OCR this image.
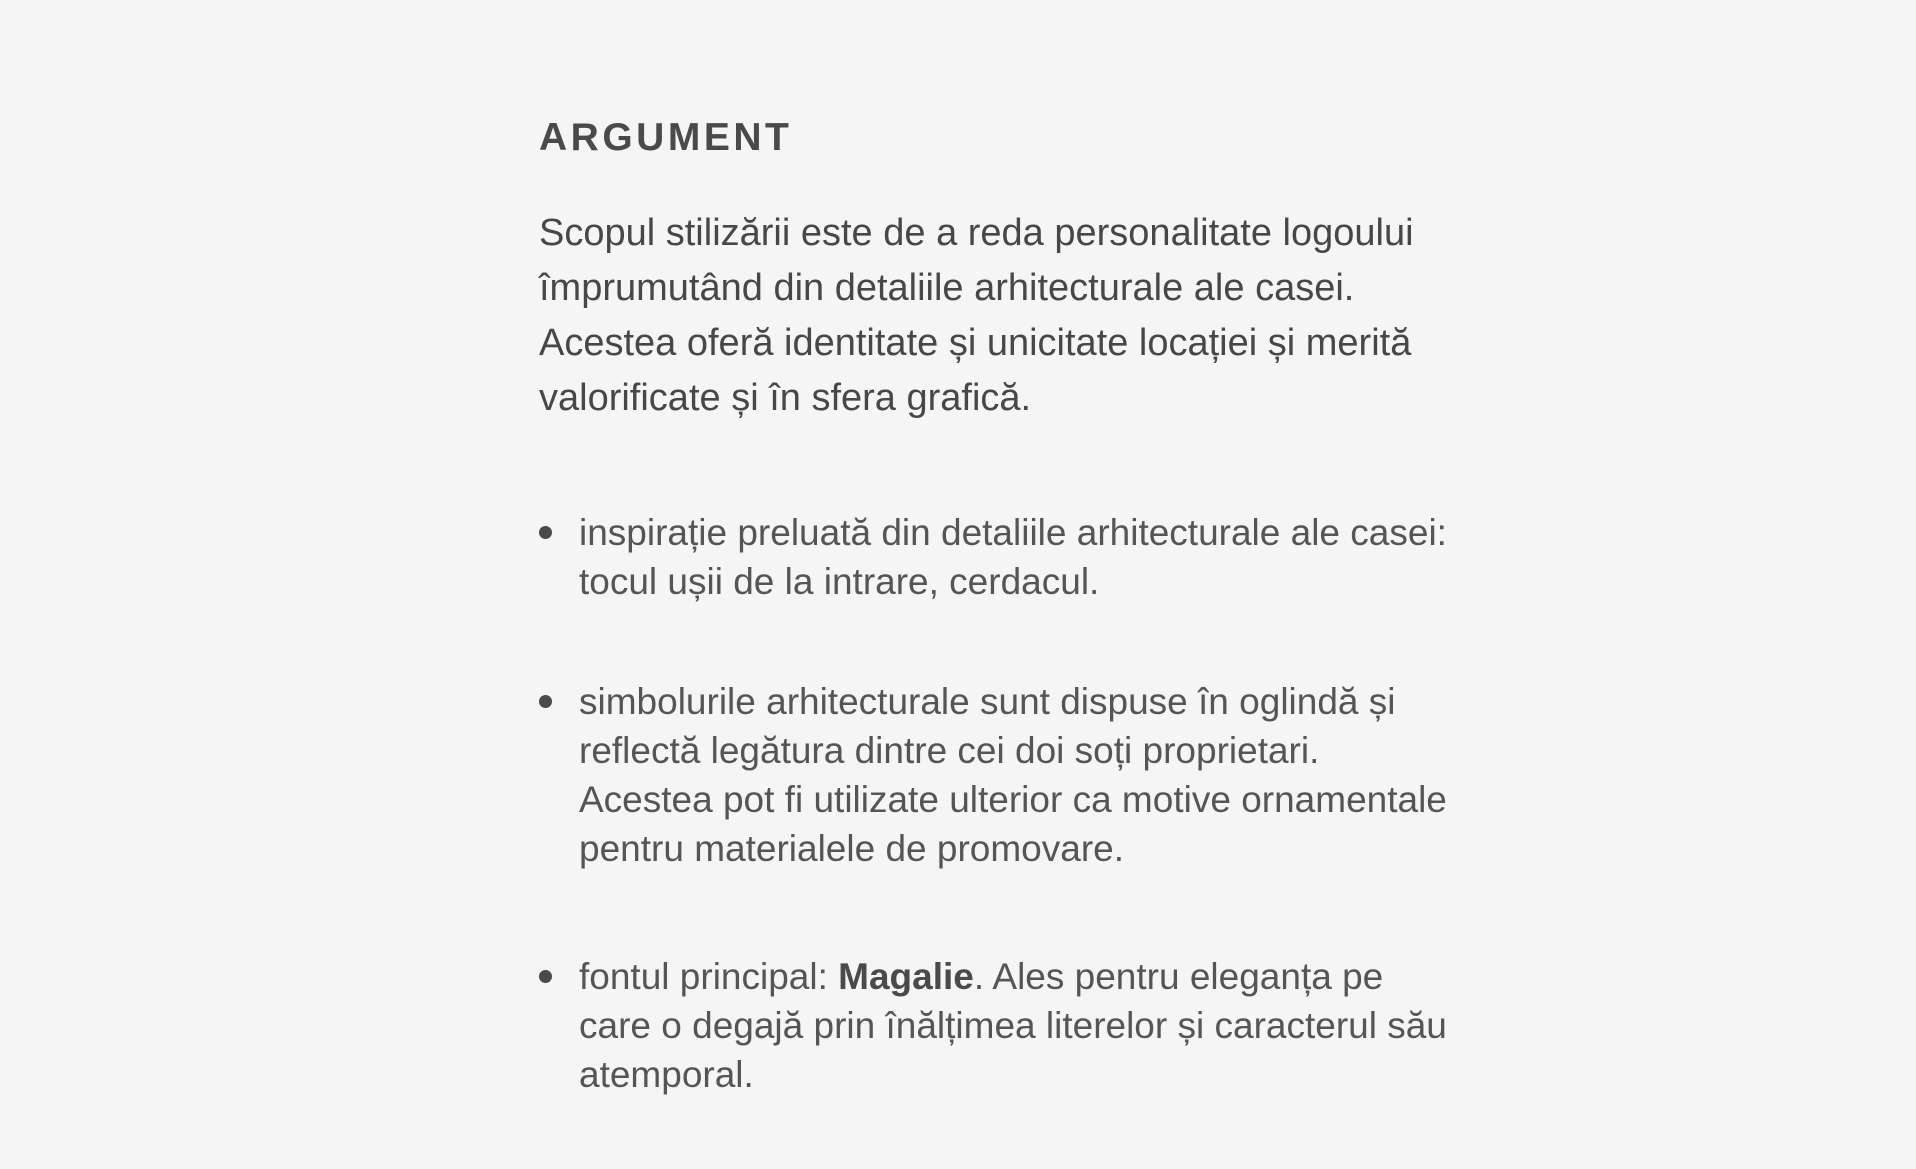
ARGUMENT

Scopul stilizării este de a reda personalitate logoului împrumutând din detaliile arhitecturale ale casei. Acestea oferă identitate și unicitate locației și merită valorificate și în sfera grafică.

inspirație preluată din detaliile arhitecturale ale casei: tocul ușii de la intrare, cerdacul.
simbolurile arhitecturale sunt dispuse în oglindă și reflectă legătura dintre cei doi soți proprietari. Acestea pot fi utilizate ulterior ca motive ornamentale pentru materialele de promovare.
fontul principal: Magalie. Ales pentru eleganța pe care o degajă prin înălțimea literelor și caracterul său atemporal.
